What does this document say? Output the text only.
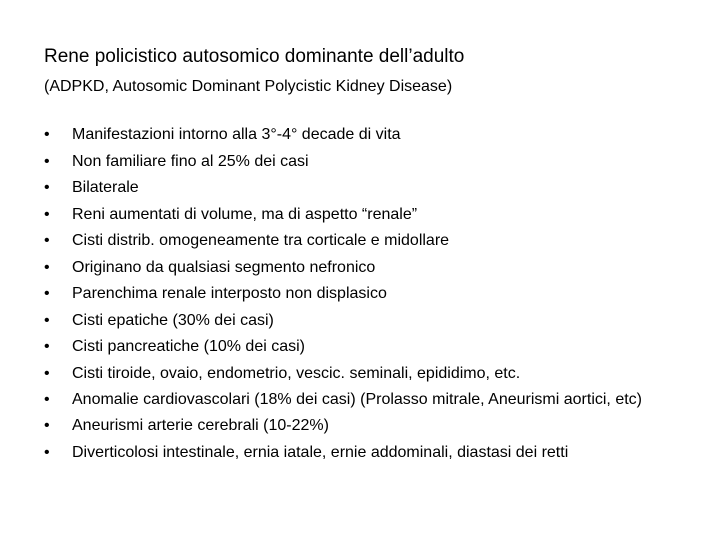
Rene policistico autosomico dominante dell’adulto
(ADPKD, Autosomic Dominant Polycistic Kidney Disease)
• Manifestazioni intorno alla 3°-4° decade di vita
• Non familiare fino al 25% dei casi
• Bilaterale
• Reni aumentati di volume, ma di aspetto “renale”
• Cisti distrib. omogeneamente tra corticale e midollare
• Originano da qualsiasi segmento nefronico
• Parenchima renale interposto non displasico
• Cisti epatiche (30% dei casi)
• Cisti pancreatiche (10% dei casi)
• Cisti tiroide, ovaio, endometrio, vescic. seminali, epididimo, etc.
• Anomalie cardiovascolari (18% dei casi) (Prolasso mitrale, Aneurismi aortici, etc)
• Aneurismi arterie cerebrali (10-22%)
• Diverticolosi intestinale, ernia iatale, ernie addominali, diastasi dei retti
